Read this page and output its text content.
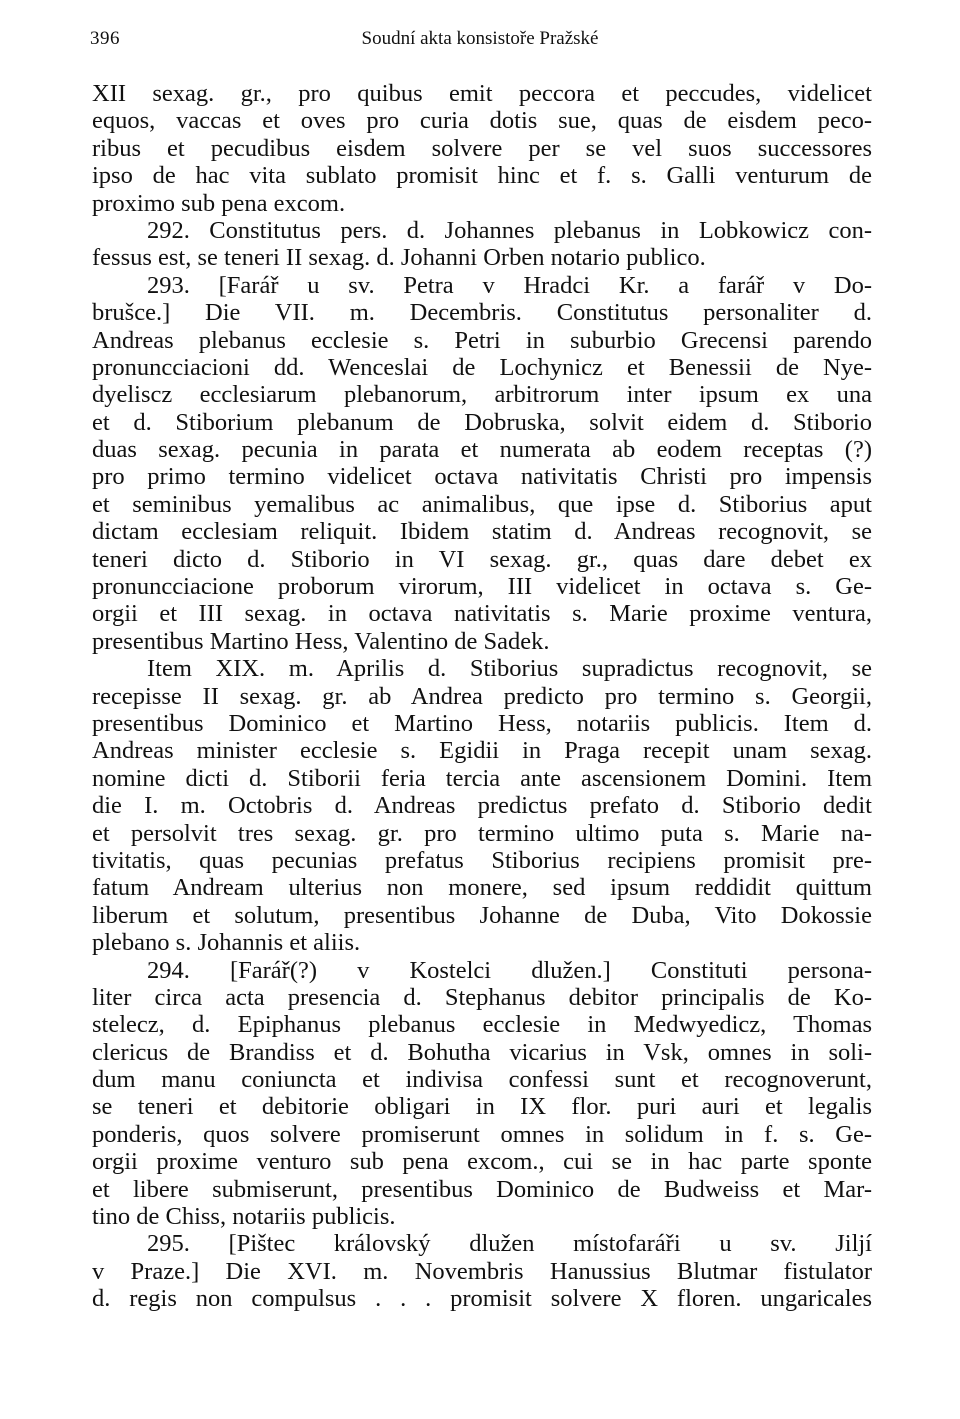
396	Soudní akta konsistoře Pražské
XII sexag. gr., pro quibus emit peccora et peccudes, videlicet
equos, vaccas et oves pro curia dotis sue, quas de eisdem peco-
ribus et pecudibus eisdem solvere per se vel suos successores
ipso de hac vita sublato promisit hinc et f. s. Galli venturum de
proximo sub pena excom.
292. Constitutus pers. d. Johannes plebanus in Lobkowicz con-
fessus est, se teneri II sexag. d. Johanni Orben notario publico.
293. [Farář u sv. Petra v Hradci Kr. a farář v Do-
brušce.] Die VII. m. Decembris. Constitutus personaliter d.
Andreas plebanus ecclesie s. Petri in suburbio Grecensi parendo
pronuncciacioni dd. Wenceslai de Lochynicz et Benessii de Nye-
dyeliscz ecclesiarum plebanorum, arbitrorum inter ipsum ex una
et d. Stiborium plebanum de Dobruska, solvit eidem d. Stiborio
duas sexag. pecunia in parata et numerata ab eodem receptas (?)
pro primo termino videlicet octava nativitatis Christi pro impensis
et seminibus yemalibus ac animalibus, que ipse d. Stiborius aput
dictam ecclesiam reliquit. Ibidem statim d. Andreas recognovit, se
teneri dicto d. Stiborio in VI sexag. gr., quas dare debet ex
pronuncciacione proborum virorum, III videlicet in octava s. Ge-
orgii et III sexag. in octava nativitatis s. Marie proxime ventura,
presentibus Martino Hess, Valentino de Sadek.
Item XIX. m. Aprilis d. Stiborius supradictus recognovit, se
recepisse II sexag. gr. ab Andrea predicto pro termino s. Georgii,
presentibus Dominico et Martino Hess, notariis publicis. Item d.
Andreas minister ecclesie s. Egidii in Praga recepit unam sexag.
nomine dicti d. Stiborii feria tercia ante ascensionem Domini. Item
die I. m. Octobris d. Andreas predictus prefato d. Stiborio dedit
et persolvit tres sexag. gr. pro termino ultimo puta s. Marie na-
tivitatis, quas pecunias prefatus Stiborius recipiens promisit pre-
fatum Andream ulterius non monere, sed ipsum reddidit quittum
liberum et solutum, presentibus Johanne de Duba, Vito Dokossie
plebano s. Johannis et aliis.
294. [Farář(?) v Kostelci dlužen.] Constituti persona-
liter circa acta presencia d. Stephanus debitor principalis de Ko-
stelecz, d. Epiphanus plebanus ecclesie in Medwyedicz, Thomas
clericus de Brandiss et d. Bohutha vicarius in Vsk, omnes in soli-
dum manu coniuncta et indivisa confessi sunt et recognoverunt,
se teneri et debitorie obligari in IX flor. puri auri et legalis
ponderis, quos solvere promiserunt omnes in solidum in f. s. Ge-
orgii proxime venturo sub pena excom., cui se in hac parte sponte
et libere submiserunt, presentibus Dominico de Budweiss et Mar-
tino de Chiss, notariis publicis.
295. [Pištec královský dlužen místofaráři u sv. Jiljí
v Praze.] Die XVI. m. Novembris Hanussius Blutmar fistulator
d. regis non compulsus . . . promisit solvere X floren. ungaricales
